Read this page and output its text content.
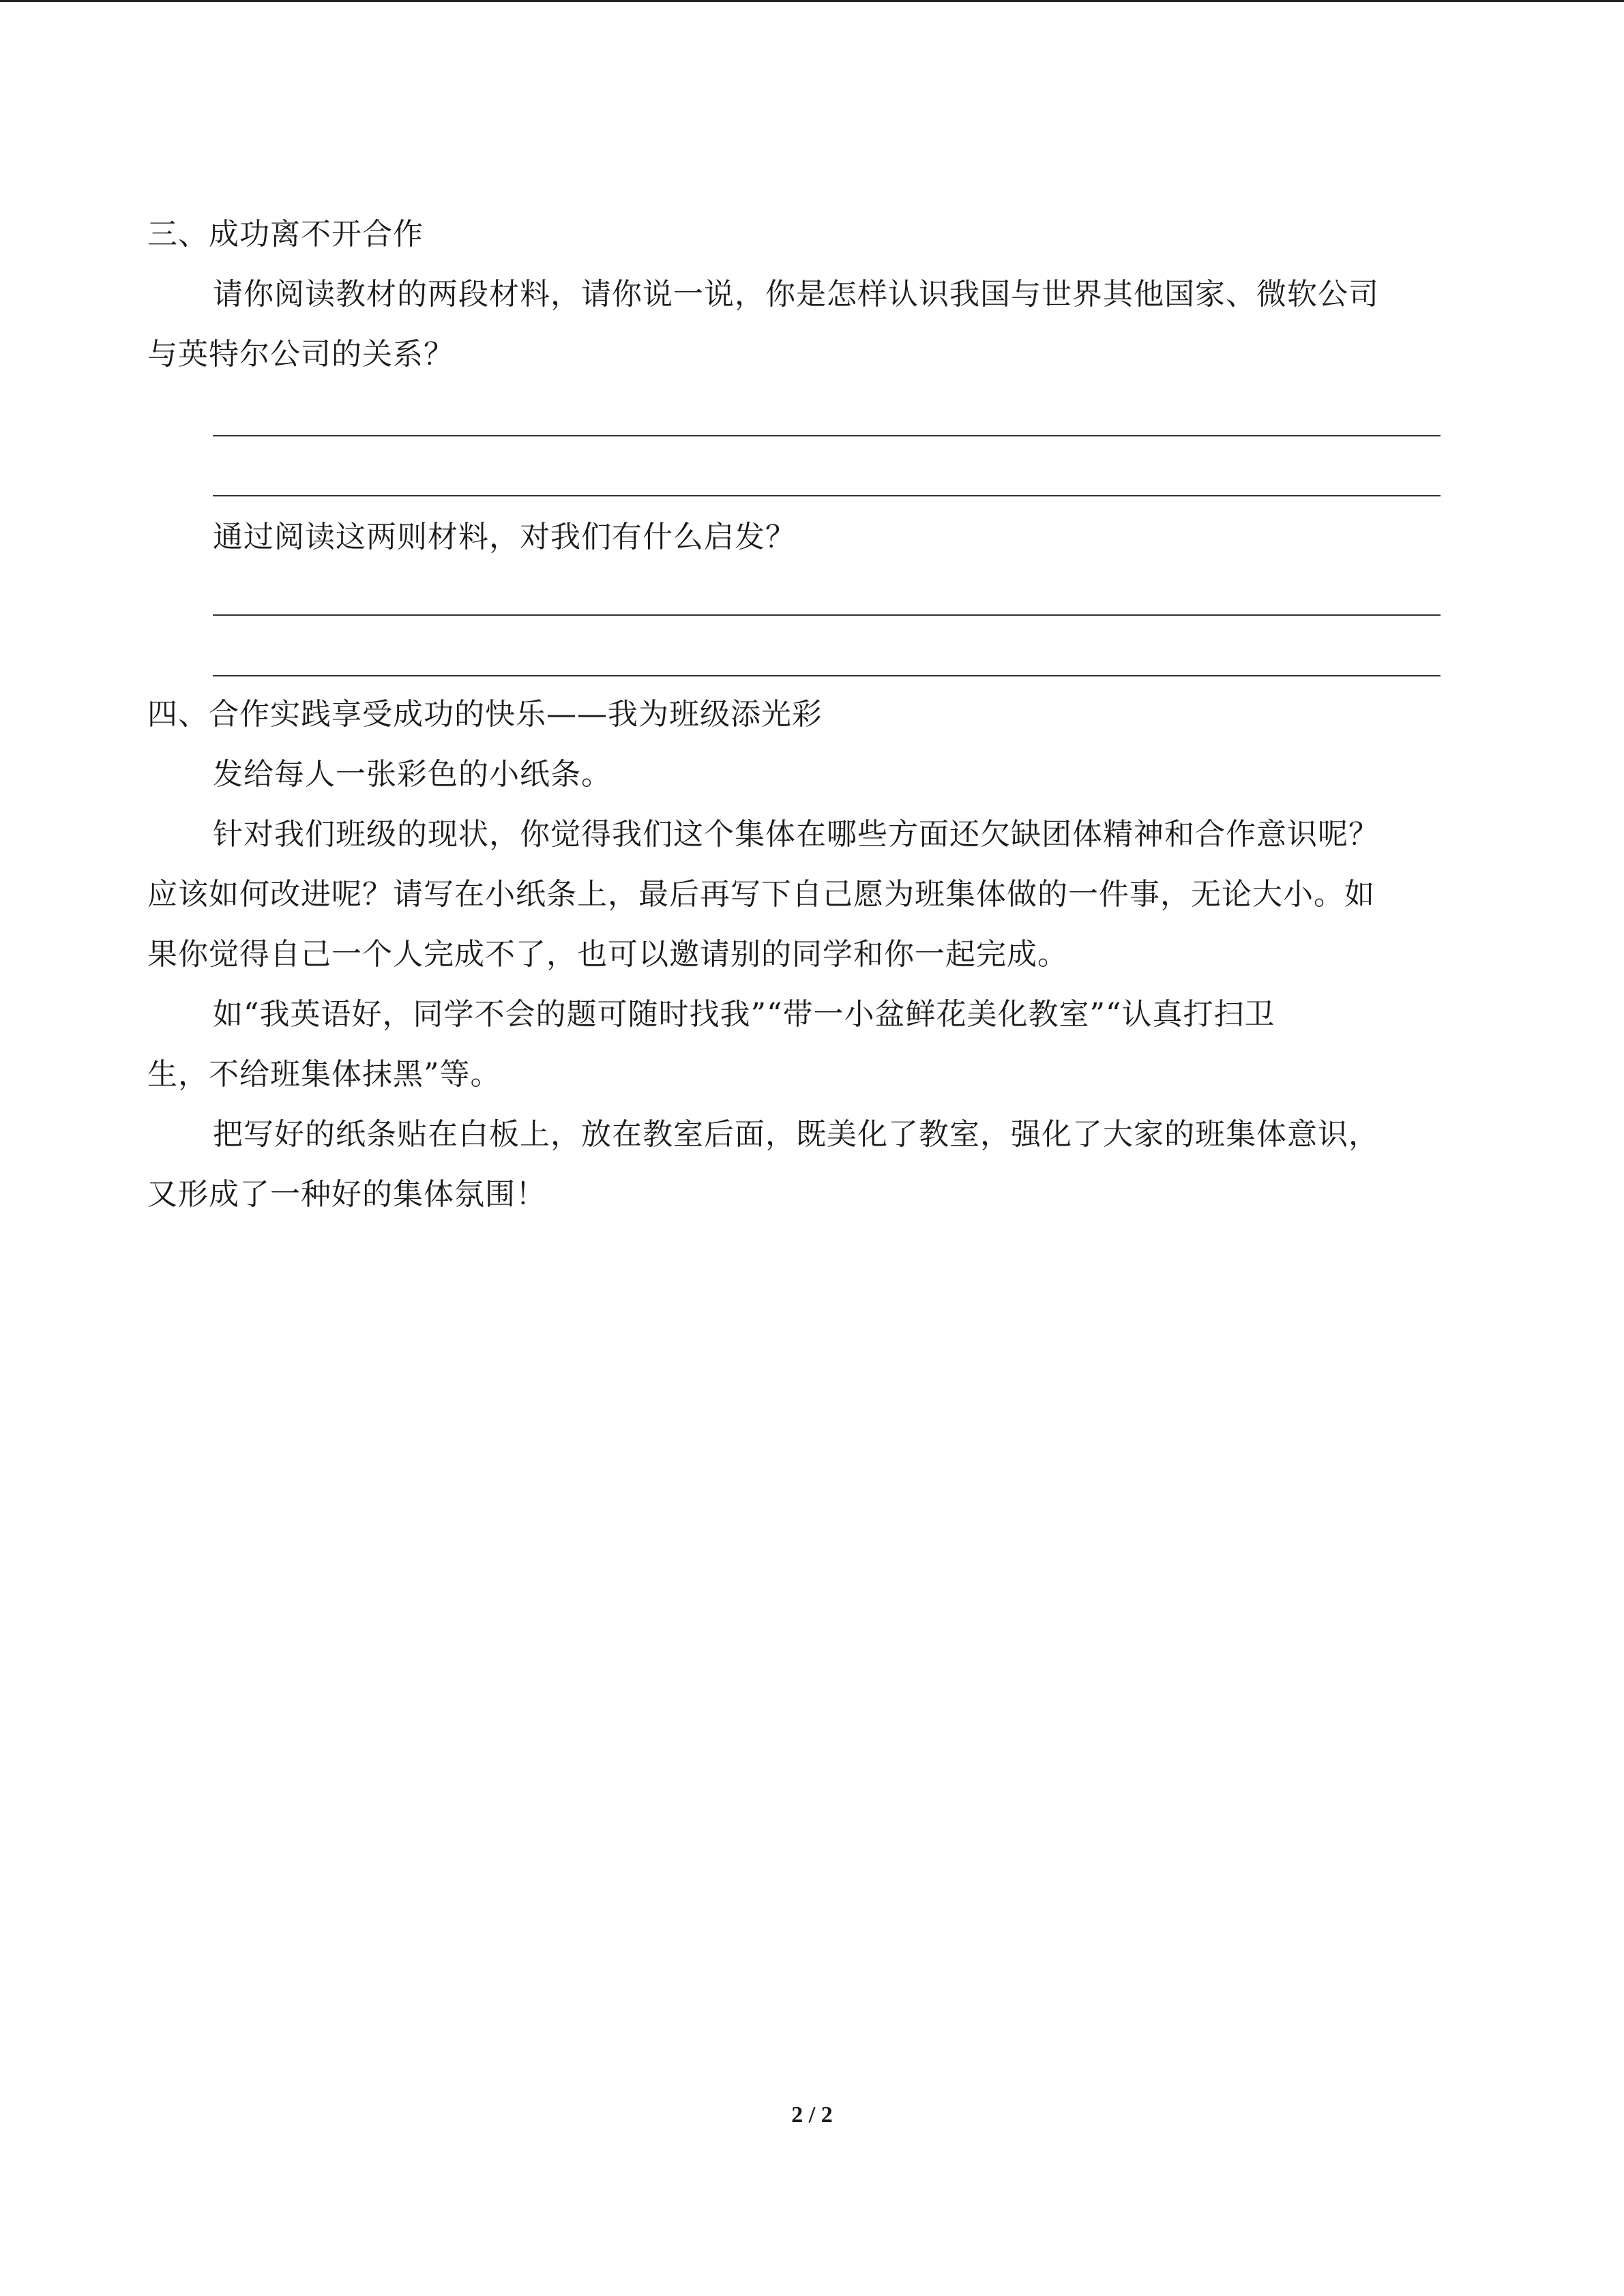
三、成功离不开合作
请你阅读教材的两段材料，请你说一说，你是怎样认识我国与世界其他国家、微软公司
与英特尔公司的关系？
通过阅读这两则材料，对我们有什么启发？
四、合作实践享受成功的快乐——我为班级添光彩
发给每人一张彩色的小纸条。
针对我们班级的现状，你觉得我们这个集体在哪些方面还欠缺团体精神和合作意识呢？
应该如何改进呢？请写在小纸条上，最后再写下自己愿为班集体做的一件事，无论大小。如
果你觉得自己一个人完成不了，也可以邀请别的同学和你一起完成。
如“我英语好，同学不会的题可随时找我”“带一小盆鲜花美化教室”“认真打扫卫
生，不给班集体抹黑”等。
把写好的纸条贴在白板上，放在教室后面，既美化了教室，强化了大家的班集体意识，
又形成了一种好的集体氛围！
2 / 2
